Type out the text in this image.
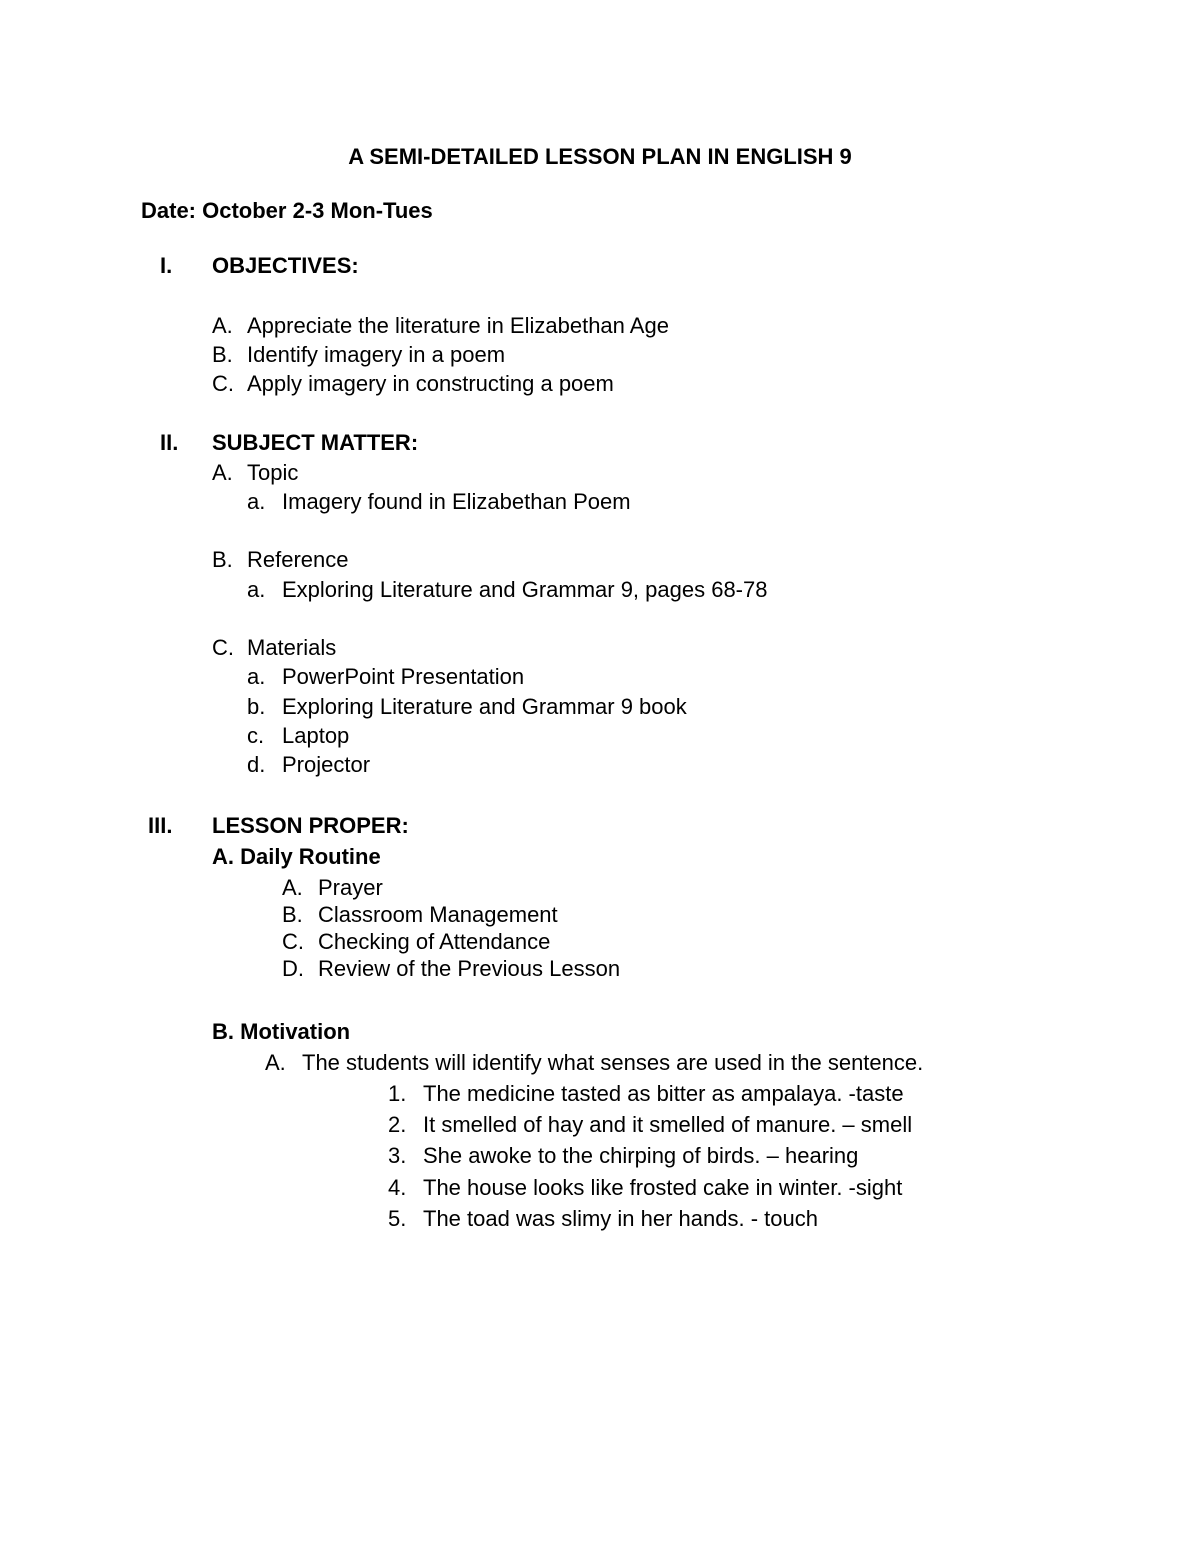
A SEMI-DETAILED LESSON PLAN IN ENGLISH 9
Date: October 2-3 Mon-Tues
I. OBJECTIVES:
A. Appreciate the literature in Elizabethan Age
B. Identify imagery in a poem
C. Apply imagery in constructing a poem
II. SUBJECT MATTER:
A. Topic
a. Imagery found in Elizabethan Poem
B. Reference
a. Exploring Literature and Grammar 9, pages 68-78
C. Materials
a. PowerPoint Presentation
b. Exploring Literature and Grammar 9 book
c. Laptop
d. Projector
III. LESSON PROPER:
A. Daily Routine
A. Prayer
B. Classroom Management
C. Checking of Attendance
D. Review of the Previous Lesson
B. Motivation
A. The students will identify what senses are used in the sentence.
1. The medicine tasted as bitter as ampalaya. -taste
2. It smelled of hay and it smelled of manure. – smell
3. She awoke to the chirping of birds. – hearing
4. The house looks like frosted cake in winter. -sight
5. The toad was slimy in her hands. - touch
